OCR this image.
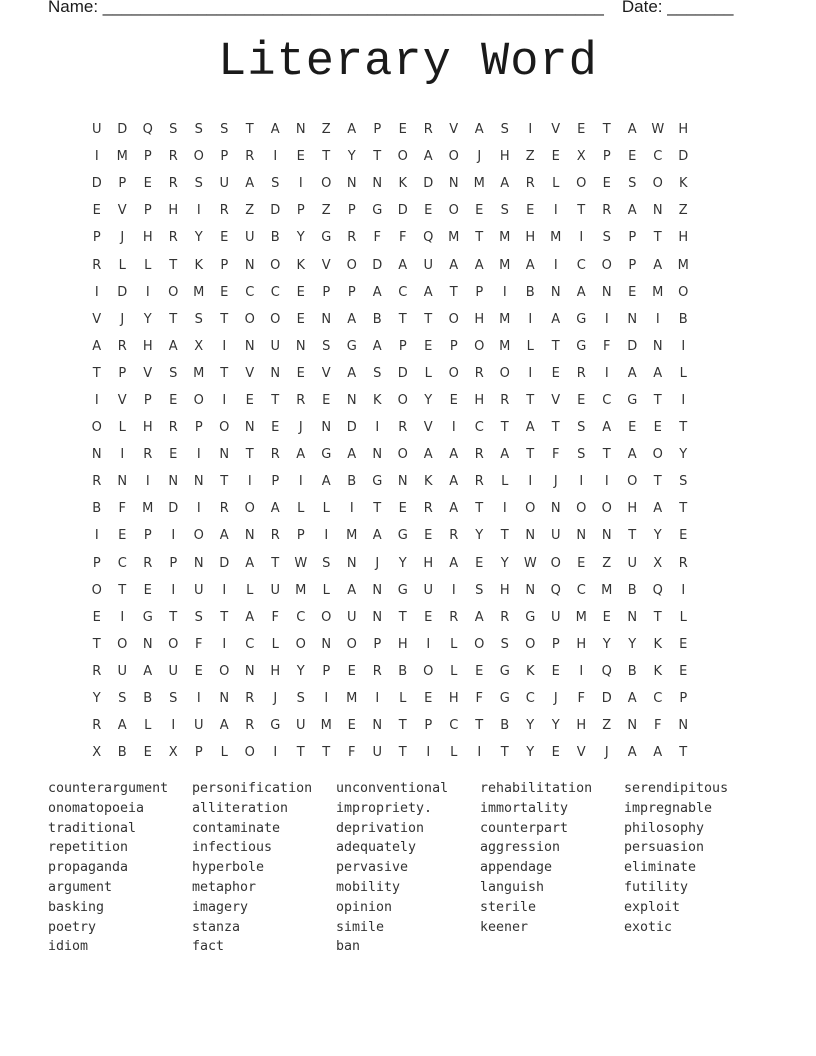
Name: _____________________________________________________ Date: _______
Literary Word
U	D	Q	S	S	S	T	A	N	Z	A	P	E	R	V	A	S	I	V	E	T	A	W	H
I	M	P	R	O	P	R	I	E	T	Y	T	O	A	O	J	H	Z	E	X	P	E	C	D
D	P	E	R	S	U	A	S	I	O	N	N	K	D	N	M	A	R	L	O	E	S	O	K
E	V	P	H	I	R	Z	D	P	Z	P	G	D	E	O	E	S	E	I	T	R	A	N	Z
P	J	H	R	Y	E	U	B	Y	G	R	F	F	Q	M	T	M	H	M	I	S	P	T	H
R	L	L	T	K	P	N	O	K	V	O	D	A	U	A	A	M	A	I	C	O	P	A	M
I	D	I	O	M	E	C	C	E	P	P	A	C	A	T	P	I	B	N	A	N	E	M	O
V	J	Y	T	S	T	O	O	E	N	A	B	T	T	O	H	M	I	A	G	I	N	I	B
A	R	H	A	X	I	N	U	N	S	G	A	P	E	P	O	M	L	T	G	F	D	N	I
T	P	V	S	M	T	V	N	E	V	A	S	D	L	O	R	O	I	E	R	I	A	A	L
I	V	P	E	O	I	E	T	R	E	N	K	O	Y	E	H	R	T	V	E	C	G	T	I
O	L	H	R	P	O	N	E	J	N	D	I	R	V	I	C	T	A	T	S	A	E	E	T
N	I	R	E	I	N	T	R	A	G	A	N	O	A	A	R	A	T	F	S	T	A	O	Y
R	N	I	N	N	T	I	P	I	A	B	G	N	K	A	R	L	I	J	I	I	O	T	S
B	F	M	D	I	R	O	A	L	L	I	T	E	R	A	T	I	O	N	O	O	H	A	T
I	E	P	I	O	A	N	R	P	I	M	A	G	E	R	Y	T	N	U	N	N	T	Y	E
P	C	R	P	N	D	A	T	W	S	N	J	Y	H	A	E	Y	W	O	E	Z	U	X	R
O	T	E	I	U	I	L	U	M	L	A	N	G	U	I	S	H	N	Q	C	M	B	Q	I
E	I	G	T	S	T	A	F	C	O	U	N	T	E	R	A	R	G	U	M	E	N	T	L
T	O	N	O	F	I	C	L	O	N	O	P	H	I	L	O	S	O	P	H	Y	Y	K	E
R	U	A	U	E	O	N	H	Y	P	E	R	B	O	L	E	G	K	E	I	Q	B	K	E
Y	S	B	S	I	N	R	J	S	I	M	I	L	E	H	F	G	C	J	F	D	A	C	P
R	A	L	I	U	A	R	G	U	M	E	N	T	P	C	T	B	Y	Y	H	Z	N	F	N
X	B	E	X	P	L	O	I	T	T	F	U	T	I	L	I	T	Y	E	V	J	A	A	T
counterargument
onomatopoeia
traditional
repetition
propaganda
argument
basking
poetry
idiom
personification
alliteration
contaminate
infectious
hyperbole
metaphor
imagery
stanza
fact
unconventional
impropriety.
deprivation
adequately
pervasive
mobility
opinion
simile
ban
rehabilitation
immortality
counterpart
aggression
appendage
languish
sterile
keener
serendipitous
impregnable
philosophy
persuasion
eliminate
futility
exploit
exotic
